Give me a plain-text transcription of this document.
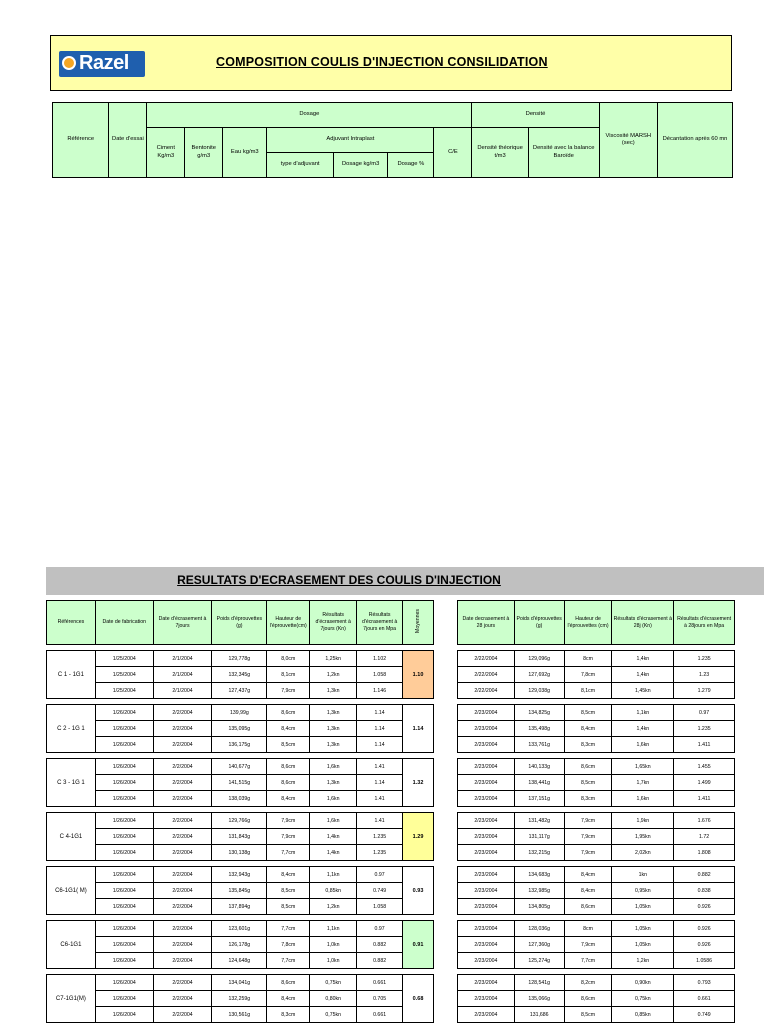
Razel	COMPOSITION COULIS D'INJECTION CONSILIDATION
Référence	Date d'essai	Dosage							Densité		Viscosité MARSH (sec)	Décantation après 60 mn
		Ciment Kg/m3	Bentonite g/m3	Eau kg/m3	Adjuvant Intraplast			C/E	Densité théorique t/m3	Densité avec la balance Baroïde		
					type d'adjuvant	Dosage kg/m3	Dosage %					
RESULTATS D'ECRASEMENT DES COULIS D'INJECTION
Références	Date de fabrication	Date d'écrasement à 7jours	Poids d'éprouvettes (g)	Hauteur de l'éprouvette(cm)	Résultats d'écrasement à 7jours (Kn)	Résultats d'écrasement à 7jours en Mpa	Moyennes

C 1 - 1G1	1/25/2004	2/1/2004	129,778g	8,0cm	1,25kn	1.102	1.10
	1/25/2004	2/1/2004	132,345g	8,1cm	1,2kn	1.058	
	1/25/2004	2/1/2004	127,437g	7,9cm	1,3kn	1.146	

C 2 - 1G 1	1/26/2004	2/2/2004	139,99g	8,6cm	1,3kn	1.14	1.14
	1/26/2004	2/2/2004	135,095g	8,4cm	1,3kn	1.14	
	1/26/2004	2/2/2004	136,175g	8,5cm	1,3kn	1.14	

C 3 - 1G 1	1/26/2004	2/2/2004	140,677g	8,6cm	1,6kn	1.41	1.32
	1/26/2004	2/2/2004	141,515g	8,6cm	1,3kn	1.14	
	1/26/2004	2/2/2004	138,039g	8,4cm	1,6kn	1.41	

C 4-1G1	1/26/2004	2/2/2004	129,766g	7,9cm	1,6kn	1.41	1.29
	1/26/2004	2/2/2004	131,843g	7,9cm	1,4kn	1.235	
	1/26/2004	2/2/2004	130,138g	7,7cm	1,4kn	1.235	

C6-1G1( M)	1/26/2004	2/2/2004	132,943g	8,4cm	1,1kn	0.97	0.93
	1/26/2004	2/2/2004	135,845g	8,5cm	0,85kn	0.749	
	1/26/2004	2/2/2004	137,894g	8,5cm	1,2kn	1.058	

C6-1G1	1/26/2004	2/2/2004	123,601g	7,7cm	1,1kn	0.97	0.91
	1/26/2004	2/2/2004	126,178g	7,8cm	1,0kn	0.882	
	1/26/2004	2/2/2004	124,648g	7,7cm	1,0kn	0.882	

C7-1G1(M)	1/26/2004	2/2/2004	134,041g	8,6cm	0,75kn	0.661	0.68
	1/26/2004	2/2/2004	132,259g	8,4cm	0,80kn	0.705	
	1/26/2004	2/2/2004	130,561g	8,3cm	0,75kn	0.661	
Date decrasement à 28 jours	Poids d'éprouvettes (g)	Hauteur de l'éprouvettes (cm)	Résultats d'écrasement à 28j (Kn)	Résultats d'écrasement à 28jours en Mpa

2/22/2004	129,096g	8cm	1,4kn	1.235
2/22/2004	127,692g	7,8cm	1,4kn	1.23
2/22/2004	129,038g	8,1cm	1,45kn	1.279

2/23/2004	134,825g	8,5cm	1,1kn	0.97
2/23/2004	135,498g	8,4cm	1,4kn	1.235
2/23/2004	133,761g	8,3cm	1,6kn	1.411

2/23/2004	140,133g	8,6cm	1,65kn	1.455
2/23/2004	138,441g	8,5cm	1,7kn	1.499
2/23/2004	137,151g	8,3cm	1,6kn	1.411

2/23/2004	131,482g	7,9cm	1,9kn	1.676
2/23/2004	131,117g	7,9cm	1,95kn	1.72
2/23/2004	132,215g	7,9cm	2,02kn	1.808

2/23/2004	134,683g	8,4cm	1kn	0.882
2/23/2004	132,985g	8,4cm	0,95kn	0.838
2/23/2004	134,805g	8,6cm	1,05kn	0.926

2/23/2004	128,036g	8cm	1,05kn	0.926
2/23/2004	127,360g	7,9cm	1,05kn	0.926
2/23/2004	125,274g	7,7cm	1,2kn	1.0586

2/23/2004	128,541g	8,2cm	0,90kn	0.793
2/23/2004	135,066g	8,6cm	0,75kn	0.661
2/23/2004	131,686	8,5cm	0,85kn	0.749
